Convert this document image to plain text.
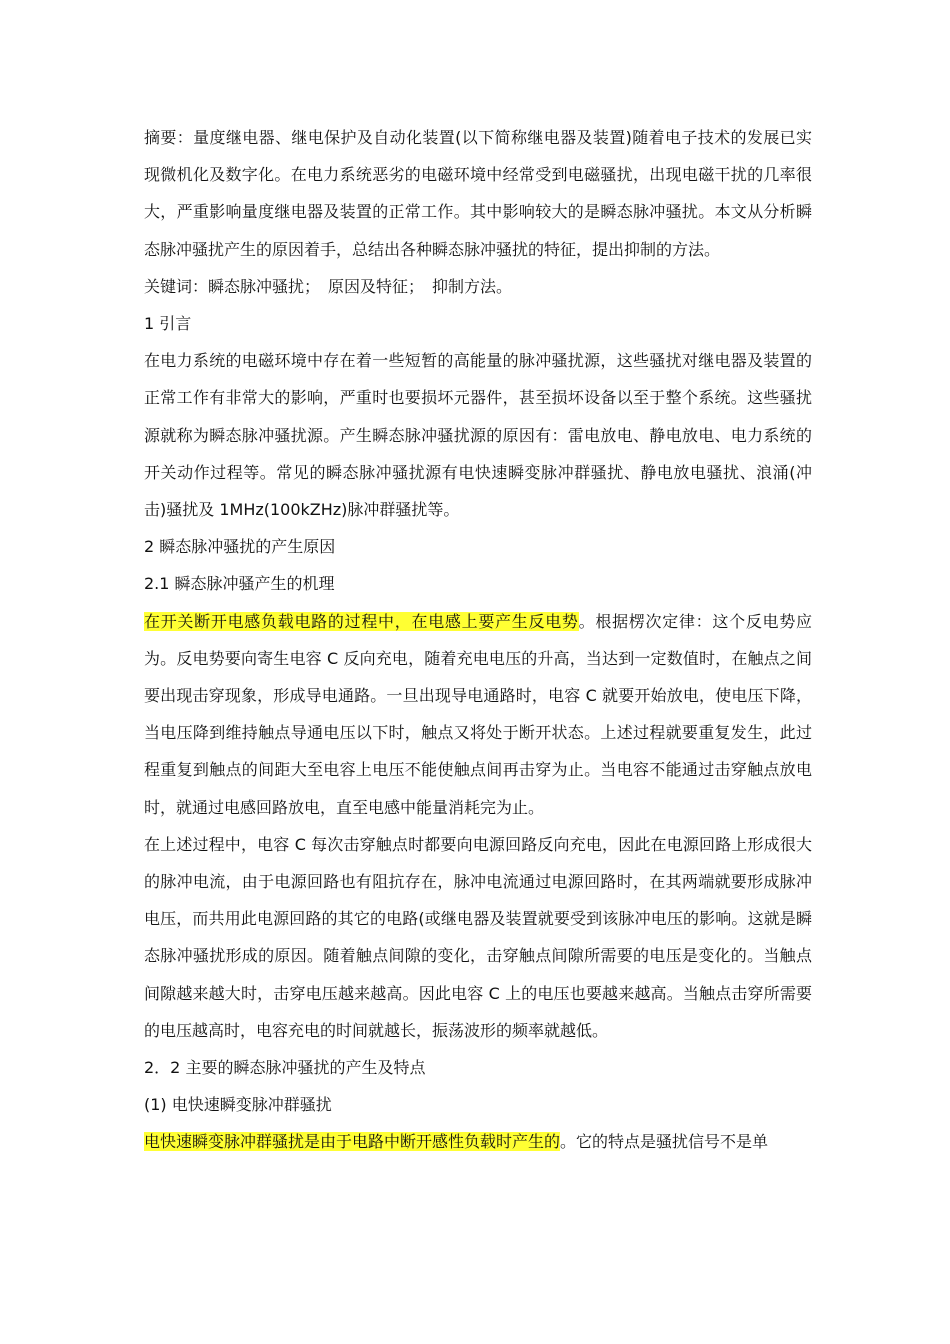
摘要：量度继电器、继电保护及自动化装置(以下简称继电器及装置)随着电子技术的发展已实现微机化及数字化。在电力系统恶劣的电磁环境中经常受到电磁骚扰，出现电磁干扰的几率很大，严重影响量度继电器及装置的正常工作。其中影响较大的是瞬态脉冲骚扰。本文从分析瞬态脉冲骚扰产生的原因着手，总结出各种瞬态脉冲骚扰的特征，提出抑制的方法。

关键词：瞬态脉冲骚扰；　原因及特征；　抑制方法。

1 引言

在电力系统的电磁环境中存在着一些短暂的高能量的脉冲骚扰源，这些骚扰对继电器及装置的正常工作有非常大的影响，严重时也要损坏元器件，甚至损坏设备以至于整个系统。这些骚扰源就称为瞬态脉冲骚扰源。产生瞬态脉冲骚扰源的原因有：雷电放电、静电放电、电力系统的开关动作过程等。常见的瞬态脉冲骚扰源有电快速瞬变脉冲群骚扰、静电放电骚扰、浪涌(冲击)骚扰及 1MHz(100kZHz)脉冲群骚扰等。

2 瞬态脉冲骚扰的产生原因

2.1 瞬态脉冲骚产生的机理

在开关断开电感负载电路的过程中，在电感上要产生反电势。根据楞次定律：这个反电势应为。反电势要向寄生电容 C 反向充电，随着充电电压的升高，当达到一定数值时，在触点之间要出现击穿现象，形成导电通路。一旦出现导电通路时，电容 C 就要开始放电，使电压下降，当电压降到维持触点导通电压以下时，触点又将处于断开状态。上述过程就要重复发生，此过程重复到触点的间距大至电容上电压不能使触点间再击穿为止。当电容不能通过击穿触点放电时，就通过电感回路放电，直至电感中能量消耗完为止。

在上述过程中，电容 C 每次击穿触点时都要向电源回路反向充电，因此在电源回路上形成很大的脉冲电流，由于电源回路也有阻抗存在，脉冲电流通过电源回路时，在其两端就要形成脉冲电压，而共用此电源回路的其它的电路(或继电器及装置就要受到该脉冲电压的影响。这就是瞬态脉冲骚扰形成的原因。随着触点间隙的变化，击穿触点间隙所需要的电压是变化的。当触点间隙越来越大时，击穿电压越来越高。因此电容 C 上的电压也要越来越高。当触点击穿所需要的电压越高时，电容充电的时间就越长，振荡波形的频率就越低。

2．2 主要的瞬态脉冲骚扰的产生及特点

(1) 电快速瞬变脉冲群骚扰

电快速瞬变脉冲群骚扰是由于电路中断开感性负载时产生的。它的特点是骚扰信号不是单
